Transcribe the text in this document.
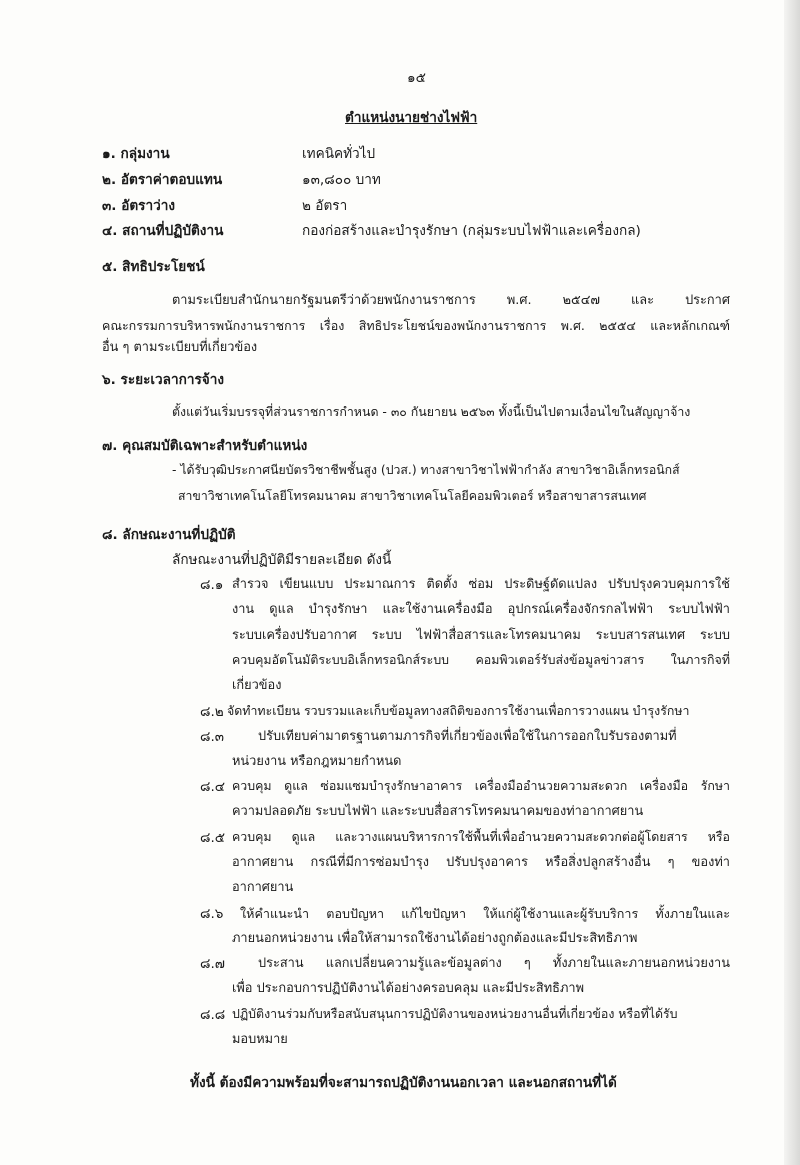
๑๕
ตำแหน่งนายช่างไฟฟ้า
๑. กลุ่มงาน	เทคนิคทั่วไป
๒. อัตราค่าตอบแทน	๑๓,๘๐๐ บาท
๓. อัตราว่าง	๒ อัตรา
๔. สถานที่ปฏิบัติงาน	กองก่อสร้างและบำรุงรักษา (กลุ่มระบบไฟฟ้าและเครื่องกล)
๕. สิทธิประโยชน์
ตามระเบียบสำนักนายกรัฐมนตรีว่าด้วยพนักงานราชการ พ.ศ. ๒๕๔๗ และ ประกาศ
คณะกรรมการบริหารพนักงานราชการ เรื่อง สิทธิประโยชน์ของพนักงานราชการ พ.ศ. ๒๕๕๔ และหลักเกณฑ์
อื่น ๆ ตามระเบียบที่เกี่ยวข้อง
๖. ระยะเวลาการจ้าง
ตั้งแต่วันเริ่มบรรจุที่ส่วนราชการกำหนด - ๓๐ กันยายน ๒๕๖๓ ทั้งนี้เป็นไปตามเงื่อนไขในสัญญาจ้าง
๗. คุณสมบัติเฉพาะสำหรับตำแหน่ง
- ได้รับวุฒิประกาศนียบัตรวิชาชีพชั้นสูง (ปวส.) ทางสาขาวิชาไฟฟ้ากำลัง สาขาวิชาอิเล็กทรอนิกส์
สาขาวิชาเทคโนโลยีโทรคมนาคม สาขาวิชาเทคโนโลยีคอมพิวเตอร์ หรือสาขาสารสนเทศ
๘. ลักษณะงานที่ปฏิบัติ
ลักษณะงานที่ปฏิบัติมีรายละเอียด ดังนี้
๘.๑ สำรวจ เขียนแบบ ประมาณการ ติดตั้ง ซ่อม ประดิษฐ์ดัดแปลง ปรับปรุงควบคุมการใช้
งาน ดูแล บำรุงรักษา และใช้งานเครื่องมือ อุปกรณ์เครื่องจักรกลไฟฟ้า ระบบไฟฟ้า
ระบบเครื่องปรับอากาศ ระบบ ไฟฟ้าสื่อสารและโทรคมนาคม ระบบสารสนเทศ ระบบ
ควบคุมอัตโนมัติระบบอิเล็กทรอนิกส์ระบบ คอมพิวเตอร์รับส่งข้อมูลข่าวสาร ในภารกิจที่
เกี่ยวข้อง
๘.๒ จัดทำทะเบียน รวบรวมและเก็บข้อมูลทางสถิติของการใช้งานเพื่อการวางแผน บำรุงรักษา
๘.๓	ปรับเทียบค่ามาตรฐานตามภารกิจที่เกี่ยวข้องเพื่อใช้ในการออกใบรับรองตามที่
หน่วยงาน หรือกฎหมายกำหนด
๘.๔ ควบคุม ดูแล ซ่อมแซมบำรุงรักษาอาคาร เครื่องมืออำนวยความสะดวก เครื่องมือ รักษา
ความปลอดภัย ระบบไฟฟ้า และระบบสื่อสารโทรคมนาคมของท่าอากาศยาน
๘.๕ ควบคุม ดูแล และวางแผนบริหารการใช้พื้นที่เพื่ออำนวยความสะดวกต่อผู้โดยสาร หรือ
อากาศยาน กรณีที่มีการซ่อมบำรุง ปรับปรุงอาคาร หรือสิ่งปลูกสร้างอื่น ๆ ของท่า
อากาศยาน
๘.๖ ให้คำแนะนำ ตอบปัญหา แก้ไขปัญหา ให้แก่ผู้ใช้งานและผู้รับบริการ ทั้งภายในและ
ภายนอกหน่วยงาน เพื่อให้สามารถใช้งานได้อย่างถูกต้องและมีประสิทธิภาพ
๘.๗	ประสาน แลกเปลี่ยนความรู้และข้อมูลต่าง ๆ ทั้งภายในและภายนอกหน่วยงาน
เพื่อ ประกอบการปฏิบัติงานได้อย่างครอบคลุม และมีประสิทธิภาพ
๘.๘ ปฏิบัติงานร่วมกับหรือสนับสนุนการปฏิบัติงานของหน่วยงานอื่นที่เกี่ยวข้อง หรือที่ได้รับ
มอบหมาย
ทั้งนี้ ต้องมีความพร้อมที่จะสามารถปฏิบัติงานนอกเวลา และนอกสถานที่ได้
